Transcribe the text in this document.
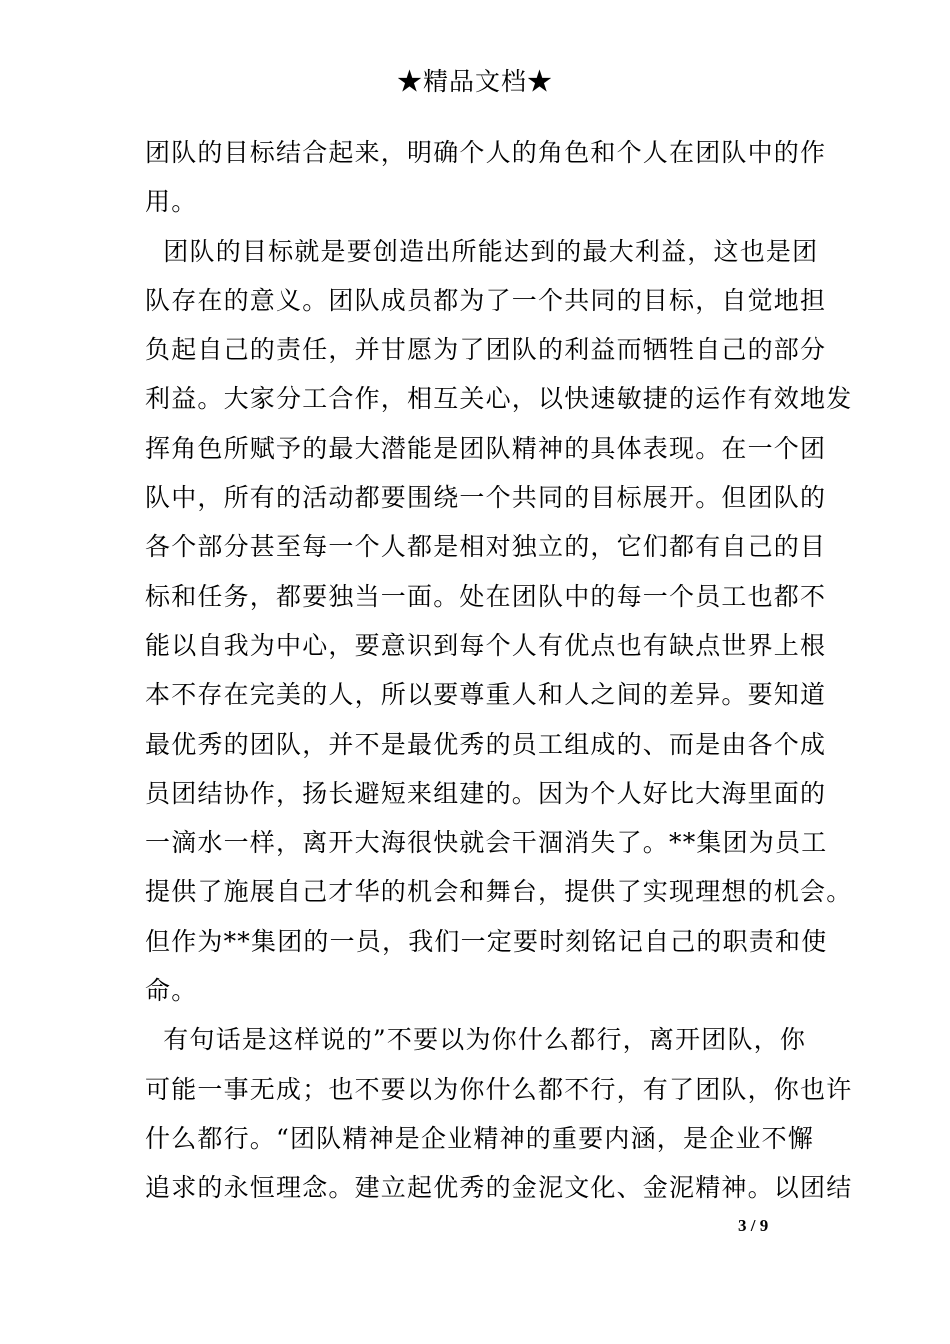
★精品文档★
团队的目标结合起来，明确个人的角色和个人在团队中的作
用。
团队的目标就是要创造出所能达到的最大利益，这也是团
队存在的意义。团队成员都为了一个共同的目标，自觉地担
负起自己的责任，并甘愿为了团队的利益而牺牲自己的部分
利益。大家分工合作，相互关心，以快速敏捷的运作有效地发
挥角色所赋予的最大潜能是团队精神的具体表现。在一个团
队中，所有的活动都要围绕一个共同的目标展开。但团队的
各个部分甚至每一个人都是相对独立的，它们都有自己的目
标和任务，都要独当一面。处在团队中的每一个员工也都不
能以自我为中心，要意识到每个人有优点也有缺点世界上根
本不存在完美的人，所以要尊重人和人之间的差异。要知道
最优秀的团队，并不是最优秀的员工组成的、而是由各个成
员团结协作，扬长避短来组建的。因为个人好比大海里面的
一滴水一样，离开大海很快就会干涸消失了。**集团为员工
提供了施展自己才华的机会和舞台，提供了实现理想的机会。
但作为**集团的一员，我们一定要时刻铭记自己的职责和使
命。
有句话是这样说的”不要以为你什么都行，离开团队，你
可能一事无成；也不要以为你什么都不行，有了团队，你也许
什么都行。“团队精神是企业精神的重要内涵，是企业不懈
追求的永恒理念。建立起优秀的金泥文化、金泥精神。以团结
3 / 9
